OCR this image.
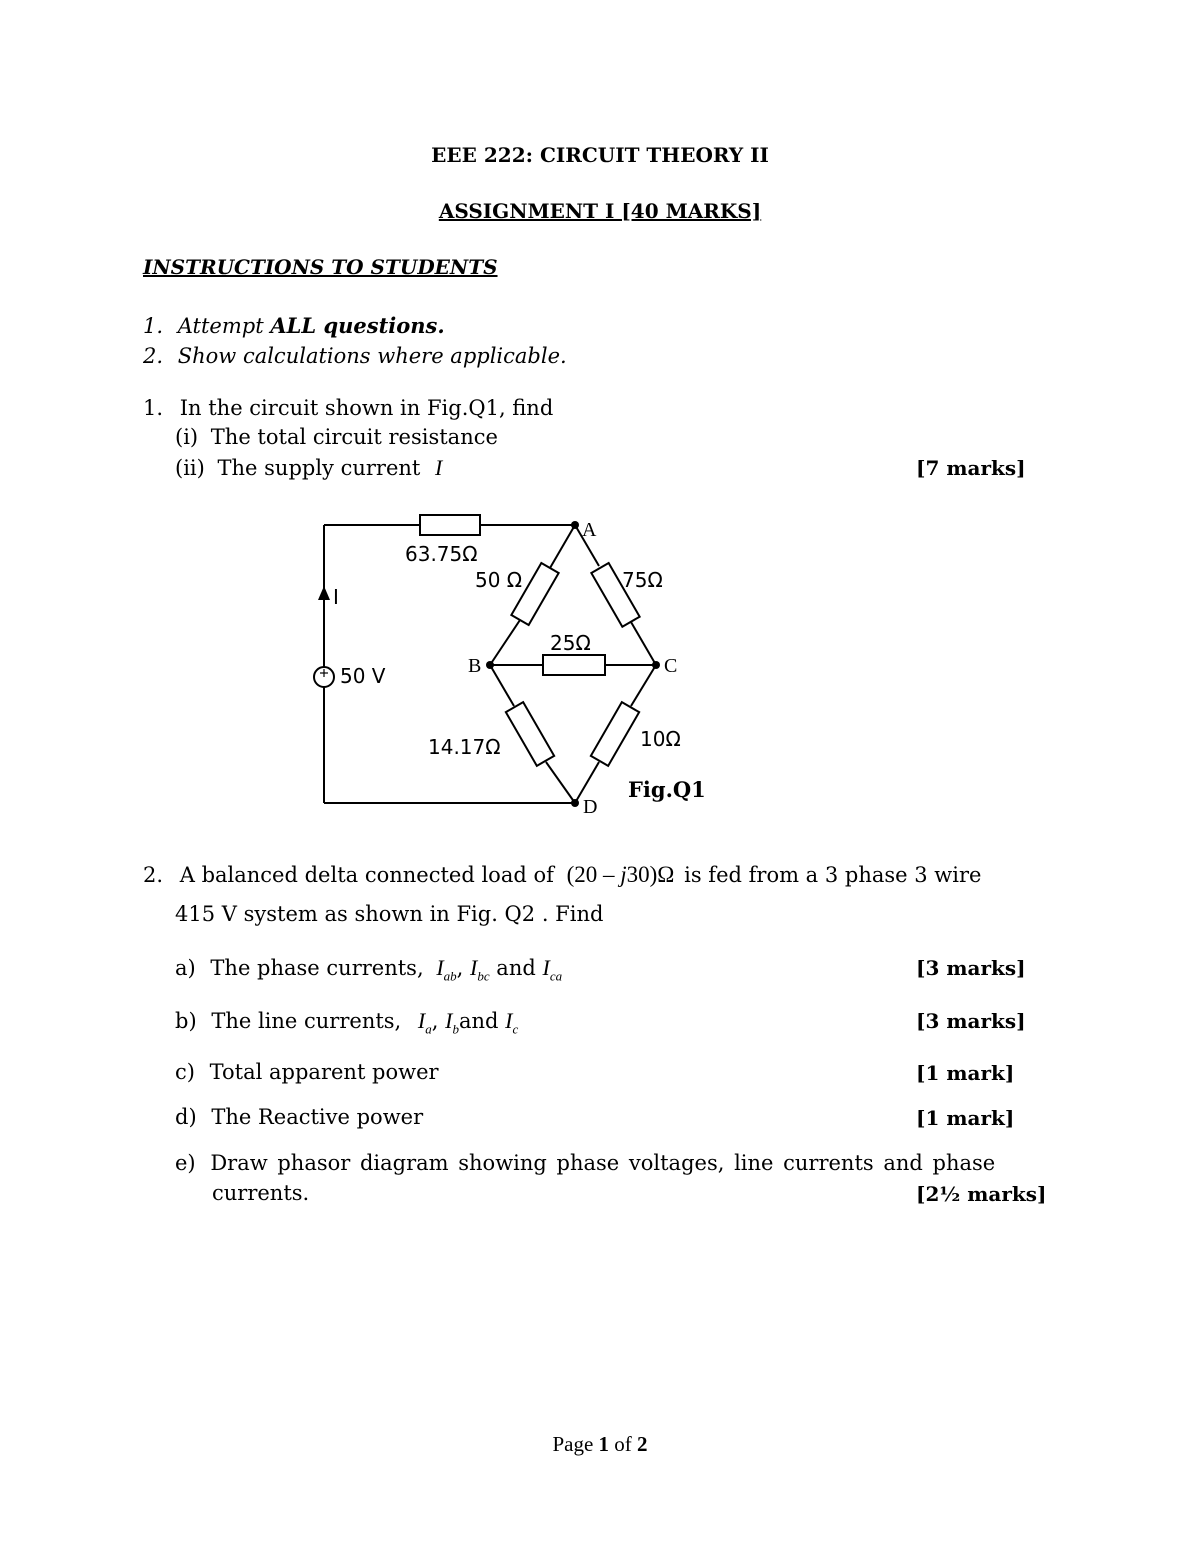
EEE 222: CIRCUIT THEORY II
ASSIGNMENT I [40 MARKS]
INSTRUCTIONS TO STUDENTS
1. Attempt ALL questions.
2. Show calculations where applicable.
1. In the circuit shown in Fig.Q1, find
(i) The total circuit resistance
(ii) The supply current I	[7 marks]
63.75Ω
50 Ω	75Ω
25Ω
14.17Ω	10Ω
I
50 V
A
B	C
D
Fig.Q1
2. A balanced delta connected load of (20 – j30)Ω is fed from a 3 phase 3 wire
415 V system as shown in Fig. Q2 . Find
a) The phase currents, $I_{ab}$, $I_{bc}$ and $I_{ca}$	[3 marks]
b) The line currents, $I_a$, $I_band$ $I_c$	[3 marks]
c) Total apparent power	[1 mark]
d) The Reactive power	[1 mark]
e) Draw phasor diagram showing phase voltages, line currents and phase
currents.	[2½ marks]
Page 1 of 2
